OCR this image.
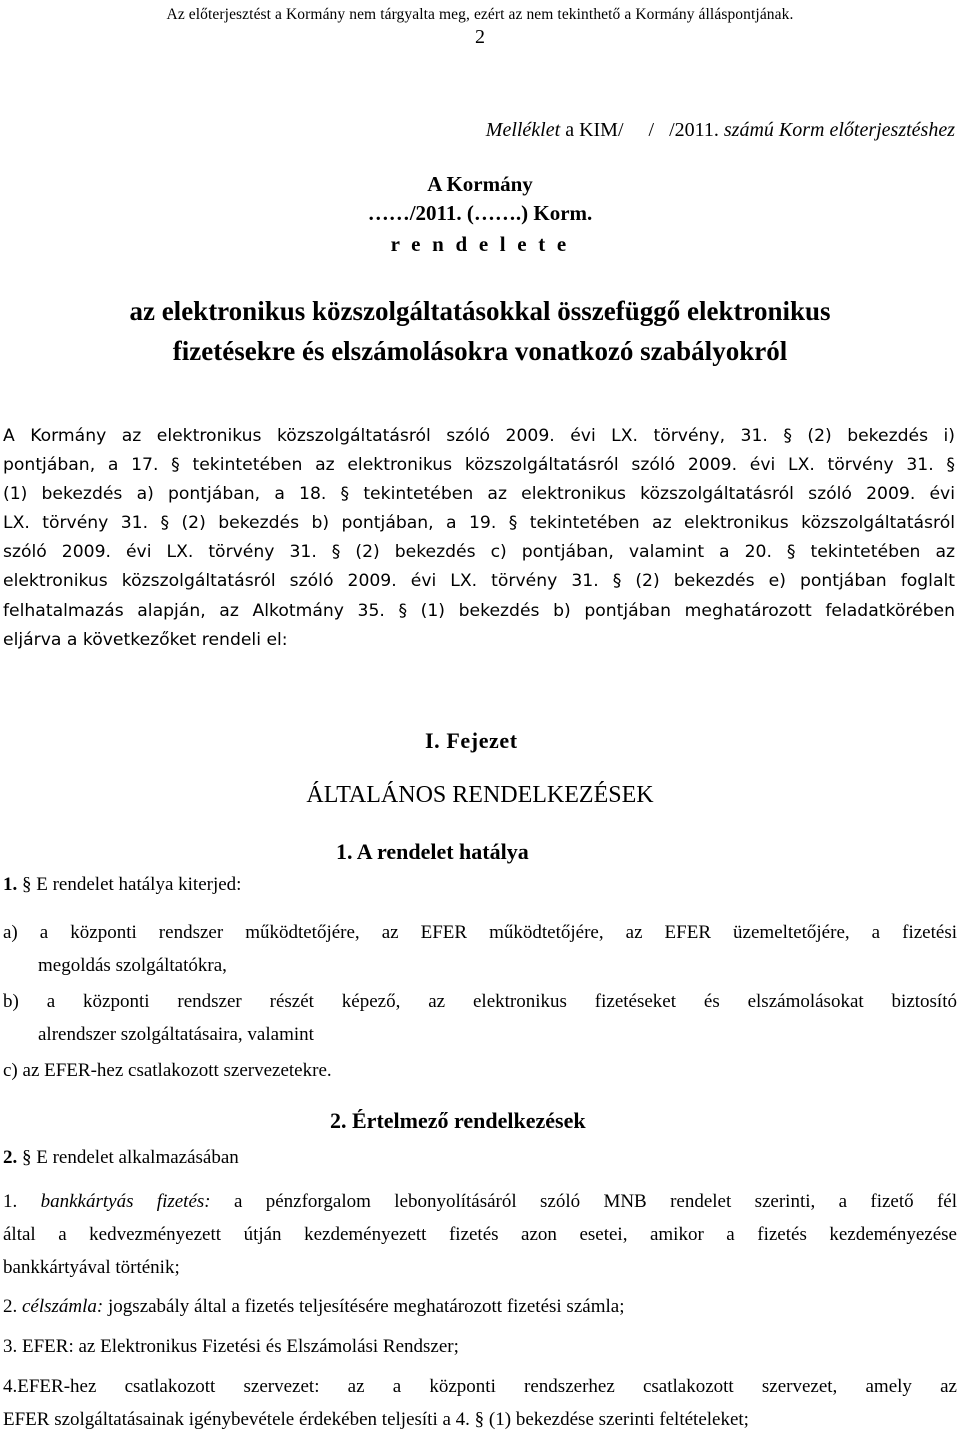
Az előterjesztést a Kormány nem tárgyalta meg, ezért az nem tekinthető a Kormány álláspontjának.
2
Melléklet a KIM/     /   /2011. számú Korm előterjesztéshez
A Kormány
……/2011. (…….) Korm.
r e n d e l e t e
az elektronikus közszolgáltatásokkal összefüggő elektronikus
fizetésekre és elszámolásokra vonatkozó szabályokról
A Kormány az elektronikus közszolgáltatásról szóló 2009. évi LX. törvény, 31. § (2) bekezdés i)
pontjában, a 17. § tekintetében az elektronikus közszolgáltatásról szóló 2009. évi LX. törvény 31. §
(1) bekezdés a) pontjában, a 18. § tekintetében az elektronikus közszolgáltatásról szóló 2009. évi
LX. törvény 31. § (2) bekezdés b) pontjában, a 19. § tekintetében az elektronikus közszolgáltatásról
szóló 2009. évi LX. törvény 31. § (2) bekezdés c) pontjában, valamint a 20. § tekintetében az
elektronikus közszolgáltatásról szóló 2009. évi LX. törvény 31. § (2) bekezdés e) pontjában foglalt
felhatalmazás alapján, az Alkotmány 35. § (1) bekezdés b) pontjában meghatározott feladatkörében
eljárva a következőket rendeli el:
I. Fejezet
ÁLTALÁNOS RENDELKEZÉSEK
1. A rendelet hatálya
1. § E rendelet hatálya kiterjed:
a) a központi rendszer működtetőjére, az EFER működtetőjére, az EFER üzemeltetőjére, a fizetési
megoldás szolgáltatókra,
b) a központi rendszer részét képező, az elektronikus fizetéseket és elszámolásokat biztosító
alrendszer szolgáltatásaira, valamint
c) az EFER-hez csatlakozott szervezetekre.
2. Értelmező rendelkezések
2. § E rendelet alkalmazásában
1. bankkártyás fizetés: a pénzforgalom lebonyolításáról szóló MNB rendelet szerinti, a fizető fél
által a kedvezményezett útján kezdeményezett fizetés azon esetei, amikor a fizetés kezdeményezése
bankkártyával történik;
2. célszámla: jogszabály által a fizetés teljesítésére meghatározott fizetési számla;
3. EFER: az Elektronikus Fizetési és Elszámolási Rendszer;
4.EFER-hez csatlakozott szervezet: az a központi rendszerhez csatlakozott szervezet, amely az
EFER szolgáltatásainak igénybevétele érdekében teljesíti a 4. § (1) bekezdése szerinti feltételeket;
